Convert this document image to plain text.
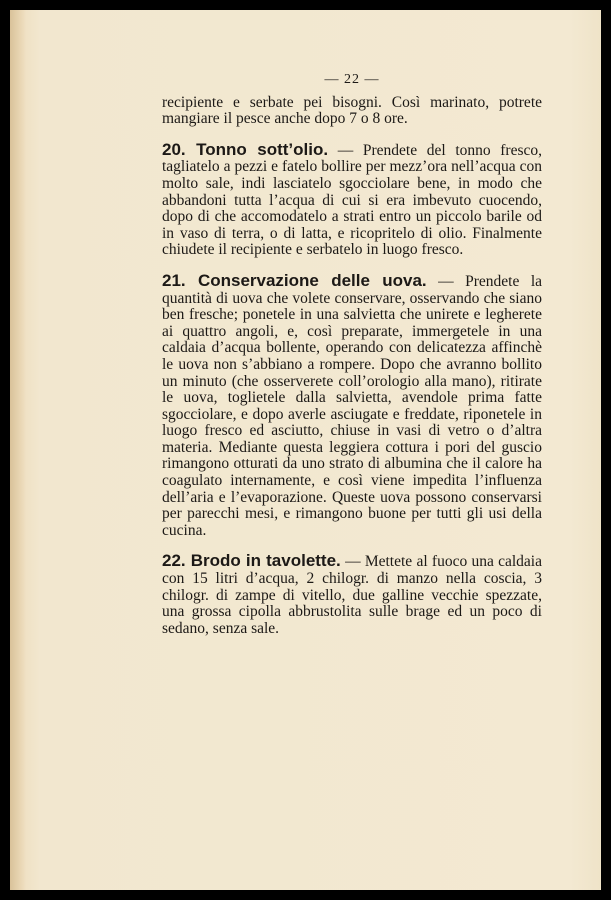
— 22 —

recipiente e serbate pei bisogni. Così marinato, potrete mangiare il pesce anche dopo 7 o 8 ore.

20. Tonno sott’olio. — Prendete del tonno fresco, tagliatelo a pezzi e fatelo bollire per mezz’ora nell’acqua con molto sale, indi lasciatelo sgocciolare bene, in modo che abbandoni tutta l’acqua di cui si era imbevuto cuocendo, dopo di che accomodatelo a strati entro un piccolo barile od in vaso di terra, o di latta, e ricopritelo di olio. Finalmente chiudete il recipiente e serbatelo in luogo fresco.

21. Conservazione delle uova. — Prendete la quantità di uova che volete conservare, osservando che siano ben fresche; ponetele in una salvietta che unirete e legherete ai quattro angoli, e, così preparate, immergetele in una caldaia d’acqua bollente, operando con delicatezza affinchè le uova non s’abbiano a rompere. Dopo che avranno bollito un minuto (che osserverete coll’orologio alla mano), ritirate le uova, toglietele dalla salvietta, avendole prima fatte sgocciolare, e dopo averle asciugate e freddate, riponetele in luogo fresco ed asciutto, chiuse in vasi di vetro o d’altra materia. Mediante questa leggiera cottura i pori del guscio rimangono otturati da uno strato di albumina che il calore ha coagulato internamente, e così viene impedita l’influenza dell’aria e l’evaporazione. Queste uova possono conservarsi per parecchi mesi, e rimangono buone per tutti gli usi della cucina.

22. Brodo in tavolette. — Mettete al fuoco una caldaia con 15 litri d’acqua, 2 chilogr. di manzo nella coscia, 3 chilogr. di zampe di vitello, due galline vecchie spezzate, una grossa cipolla abbrustolita sulle brage ed un poco di sedano, senza sale.
